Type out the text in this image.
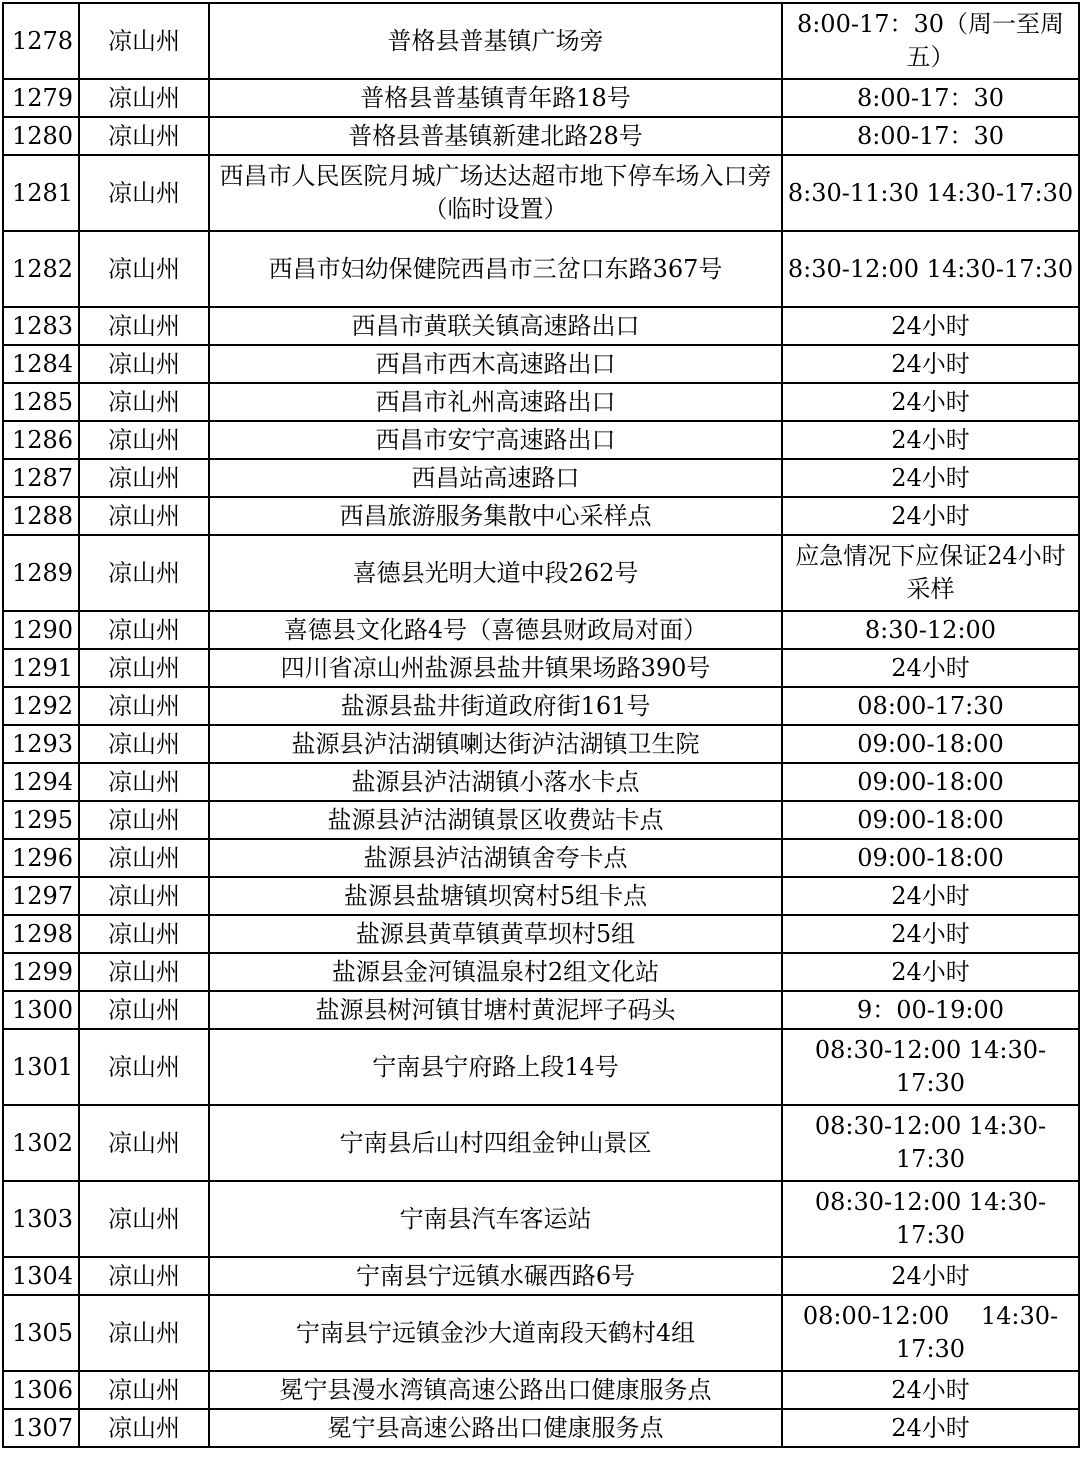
1278	凉山州	普格县普基镇广场旁	8:00-17：30（周一至周五）
1279	凉山州	普格县普基镇青年路18号	8:00-17：30
1280	凉山州	普格县普基镇新建北路28号	8:00-17：30
1281	凉山州	西昌市人民医院月城广场达达超市地下停车场入口旁（临时设置）	8:30-11:30 14:30-17:30
1282	凉山州	西昌市妇幼保健院西昌市三岔口东路367号	8:30-12:00 14:30-17:30
1283	凉山州	西昌市黄联关镇高速路出口	24小时
1284	凉山州	西昌市西木高速路出口	24小时
1285	凉山州	西昌市礼州高速路出口	24小时
1286	凉山州	西昌市安宁高速路出口	24小时
1287	凉山州	西昌站高速路口	24小时
1288	凉山州	西昌旅游服务集散中心采样点	24小时
1289	凉山州	喜德县光明大道中段262号	应急情况下应保证24小时采样
1290	凉山州	喜德县文化路4号（喜德县财政局对面）	8:30-12:00
1291	凉山州	四川省凉山州盐源县盐井镇果场路390号	24小时
1292	凉山州	盐源县盐井街道政府街161号	08:00-17:30
1293	凉山州	盐源县泸沽湖镇喇达街泸沽湖镇卫生院	09:00-18:00
1294	凉山州	盐源县泸沽湖镇小落水卡点	09:00-18:00
1295	凉山州	盐源县泸沽湖镇景区收费站卡点	09:00-18:00
1296	凉山州	盐源县泸沽湖镇舍夸卡点	09:00-18:00
1297	凉山州	盐源县盐塘镇坝窝村5组卡点	24小时
1298	凉山州	盐源县黄草镇黄草坝村5组	24小时
1299	凉山州	盐源县金河镇温泉村2组文化站	24小时
1300	凉山州	盐源县树河镇甘塘村黄泥坪子码头	9：00-19:00
1301	凉山州	宁南县宁府路上段14号	08:30-12:00 14:30-17:30
1302	凉山州	宁南县后山村四组金钟山景区	08:30-12:00 14:30-17:30
1303	凉山州	宁南县汽车客运站	08:30-12:00 14:30-17:30
1304	凉山州	宁南县宁远镇水碾西路6号	24小时
1305	凉山州	宁南县宁远镇金沙大道南段天鹤村4组	08:00-12:00　 14:30-17:30
1306	凉山州	冕宁县漫水湾镇高速公路出口健康服务点	24小时
1307	凉山州	冕宁县高速公路出口健康服务点	24小时
